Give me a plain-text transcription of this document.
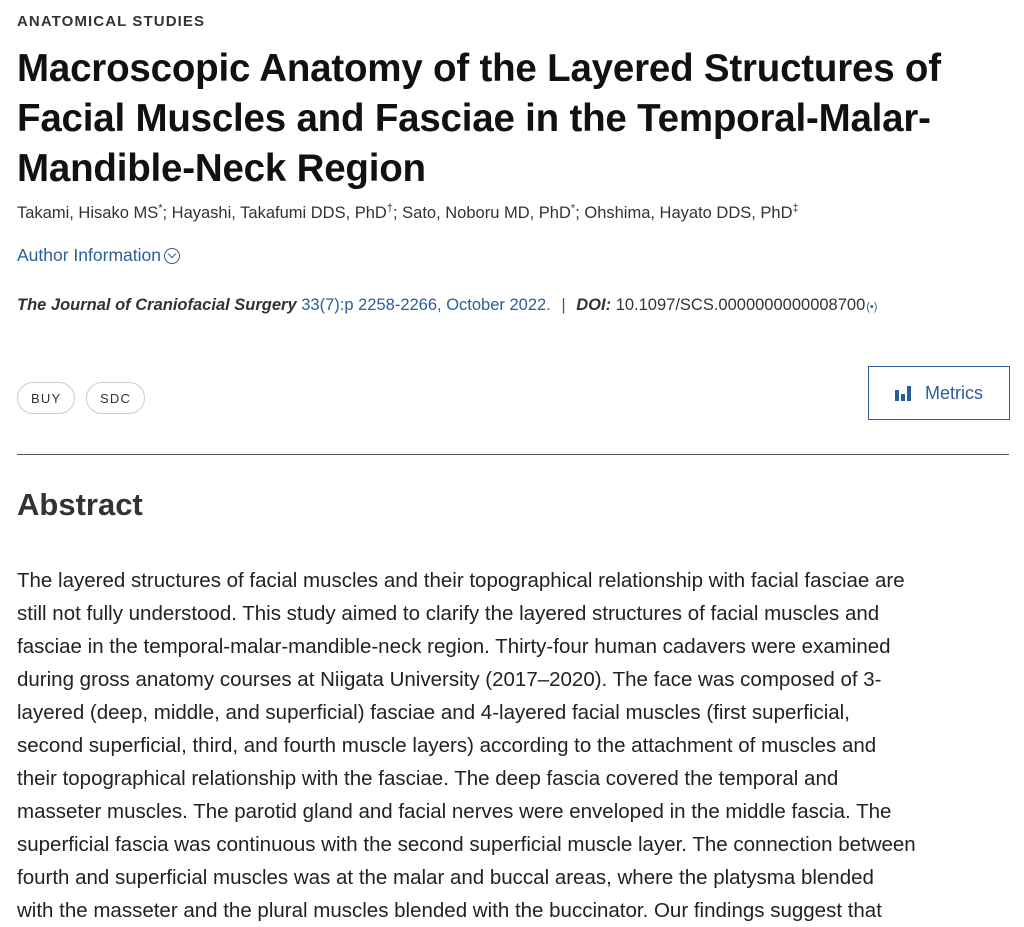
ANATOMICAL STUDIES
Macroscopic Anatomy of the Layered Structures of Facial Muscles and Fasciae in the Temporal-Malar-Mandible-Neck Region
Takami, Hisako MS*; Hayashi, Takafumi DDS, PhD†; Sato, Noboru MD, PhD*; Ohshima, Hayato DDS, PhD‡
Author Information
The Journal of Craniofacial Surgery 33(7):p 2258-2266, October 2022. | DOI: 10.1097/SCS.0000000000008700(•)
BUY	SDC	Metrics
Abstract

The layered structures of facial muscles and their topographical relationship with facial fasciae are
still not fully understood. This study aimed to clarify the layered structures of facial muscles and
fasciae in the temporal-malar-mandible-neck region. Thirty-four human cadavers were examined
during gross anatomy courses at Niigata University (2017–2020). The face was composed of 3-
layered (deep, middle, and superficial) fasciae and 4-layered facial muscles (first superficial,
second superficial, third, and fourth muscle layers) according to the attachment of muscles and
their topographical relationship with the fasciae. The deep fascia covered the temporal and
masseter muscles. The parotid gland and facial nerves were enveloped in the middle fascia. The
superficial fascia was continuous with the second superficial muscle layer. The connection between
fourth and superficial muscles was at the malar and buccal areas, where the platysma blended
with the masseter and the plural muscles blended with the buccinator. Our findings suggest that
